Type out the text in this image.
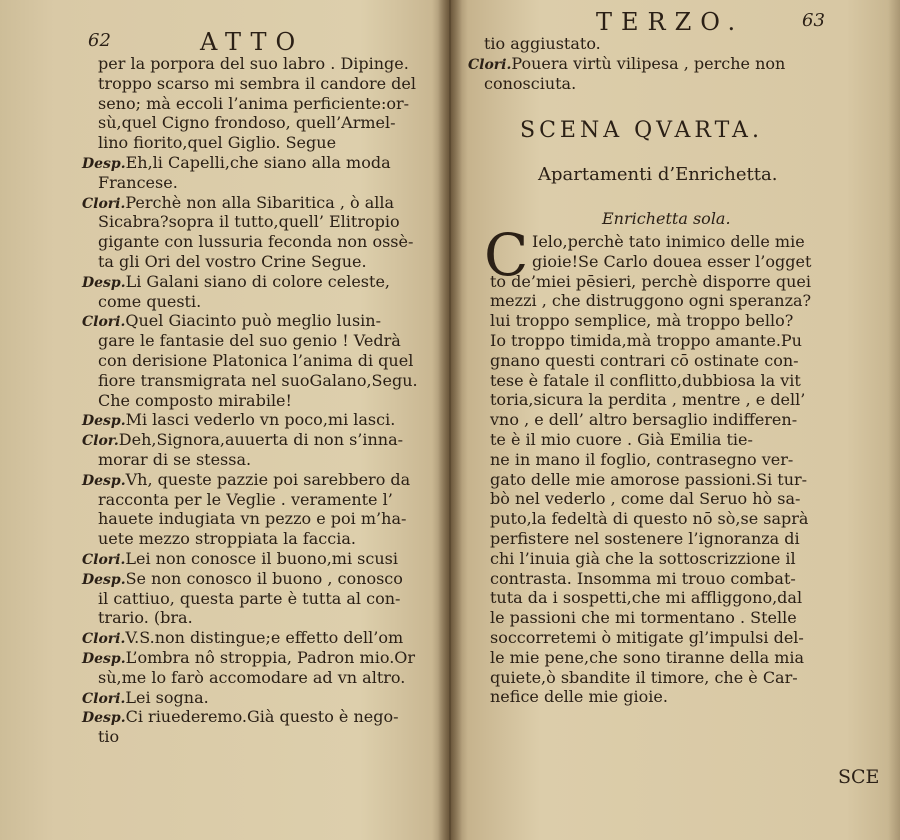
62	ATTO
per la porpora del suo labro . Dipinge.
troppo scarso mi sembra il candore del
seno; mà eccoli l’anima perficiente:or-
sù,quel Cigno frondoso, quell’Armel-
lino fiorito,quel Giglio. Segue
Desp.Eh,li Capelli,che siano alla moda
Francese.
Clori.Perchè non alla Sibaritica , ò alla
Sicabra?sopra il tutto,quell’ Elitropio
gigante con lussuria feconda non ossè-
ta gli Ori del vostro Crine Segue.
Desp.Li Galani siano di colore celeste,
come questi.
Clori.Quel Giacinto può meglio lusin-
gare le fantasie del suo genio ! Vedrà
con derisione Platonica l’anima di quel
fiore transmigrata nel suoGalano,Segu.
Che composto mirabile!
Desp.Mi lasci vederlo vn poco,mi lasci.
Clor.Deh,Signora,auuerta di non s’inna-
morar di se stessa.
Desp.Vh, queste pazzie poi sarebbero da
racconta per le Veglie . veramente l’
hauete indugiata vn pezzo e poi m’ha-
uete mezzo stroppiata la faccia.
Clori.Lei non conosce il buono,mi scusi
Desp.Se non conosco il buono , conosco
il cattiuo, questa parte è tutta al con-
trario. (bra.
Clori.V.S.non distingue;e effetto dell’om
Desp.L’ombra nô stroppia, Padron mio.Or
sù,me lo farò accomodare ad vn altro.
Clori.Lei sogna.
Desp.Ci riuederemo.Già questo è nego-
tio
TERZO.	63
tio aggiustato.
Clori.Pouera virtù vilipesa , perche non
conosciuta.
SCENA QVARTA.
Apartamenti d’Enrichetta.
Enrichetta sola.
C Ielo,perchè tato inimico delle mie
gioie!Se Carlo douea esser l’ogget
to de’miei pēsieri, perchè disporre quei
mezzi , che distruggono ogni speranza?
lui troppo semplice, mà troppo bello?
Io troppo timida,mà troppo amante.Pu
gnano questi contrari cō ostinate con-
tese è fatale il conflitto,dubbiosa la vit
toria,sicura la perdita , mentre , e dell’
vno , e dell’ altro bersaglio indifferen-
te è il mio cuore . Già Emilia tie-
ne in mano il foglio, contrasegno ver-
gato delle mie amorose passioni.Si tur-
bò nel vederlo , come dal Seruo hò sa-
puto,la fedeltà di questo nō sò,se saprà
perfistere nel sostenere l’ignoranza di
chi l’inuia già che la sottoscrizzione il
contrasta. Insomma mi trouo combat-
tuta da i sospetti,che mi affliggono,dal
le passioni che mi tormentano . Stelle
soccorretemi ò mitigate gl’impulsi del-
le mie pene,che sono tiranne della mia
quiete,ò sbandite il timore, che è Car-
nefice delle mie gioie.
SCE
